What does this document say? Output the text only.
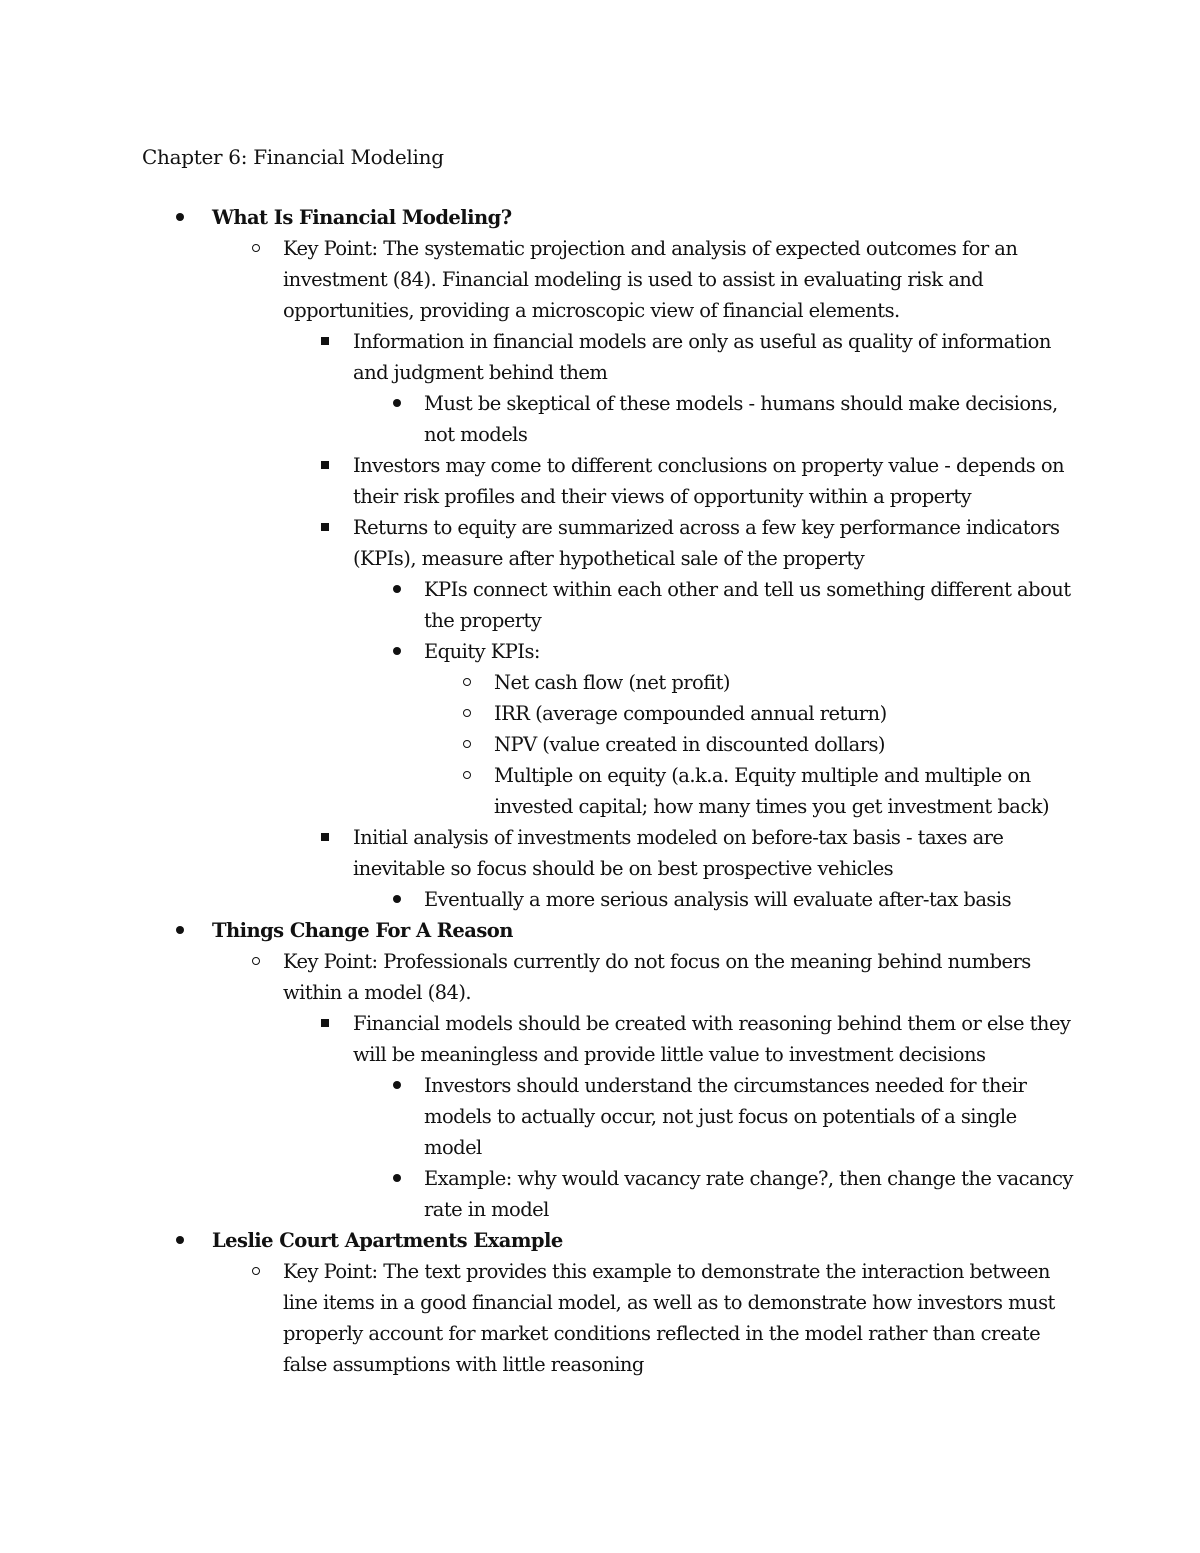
Chapter 6: Financial Modeling
What Is Financial Modeling?
Key Point: The systematic projection and analysis of expected outcomes for an investment (84). Financial modeling is used to assist in evaluating risk and opportunities, providing a microscopic view of financial elements.
Information in financial models are only as useful as quality of information and judgment behind them
Must be skeptical of these models - humans should make decisions, not models
Investors may come to different conclusions on property value - depends on their risk profiles and their views of opportunity within a property
Returns to equity are summarized across a few key performance indicators (KPIs), measure after hypothetical sale of the property
KPIs connect within each other and tell us something different about the property
Equity KPIs:
Net cash flow (net profit)
IRR (average compounded annual return)
NPV (value created in discounted dollars)
Multiple on equity (a.k.a. Equity multiple and multiple on invested capital; how many times you get investment back)
Initial analysis of investments modeled on before-tax basis - taxes are inevitable so focus should be on best prospective vehicles
Eventually a more serious analysis will evaluate after-tax basis
Things Change For A Reason
Key Point: Professionals currently do not focus on the meaning behind numbers within a model (84).
Financial models should be created with reasoning behind them or else they will be meaningless and provide little value to investment decisions
Investors should understand the circumstances needed for their models to actually occur, not just focus on potentials of a single model
Example: why would vacancy rate change?, then change the vacancy rate in model
Leslie Court Apartments Example
Key Point: The text provides this example to demonstrate the interaction between line items in a good financial model, as well as to demonstrate how investors must properly account for market conditions reflected in the model rather than create false assumptions with little reasoning
